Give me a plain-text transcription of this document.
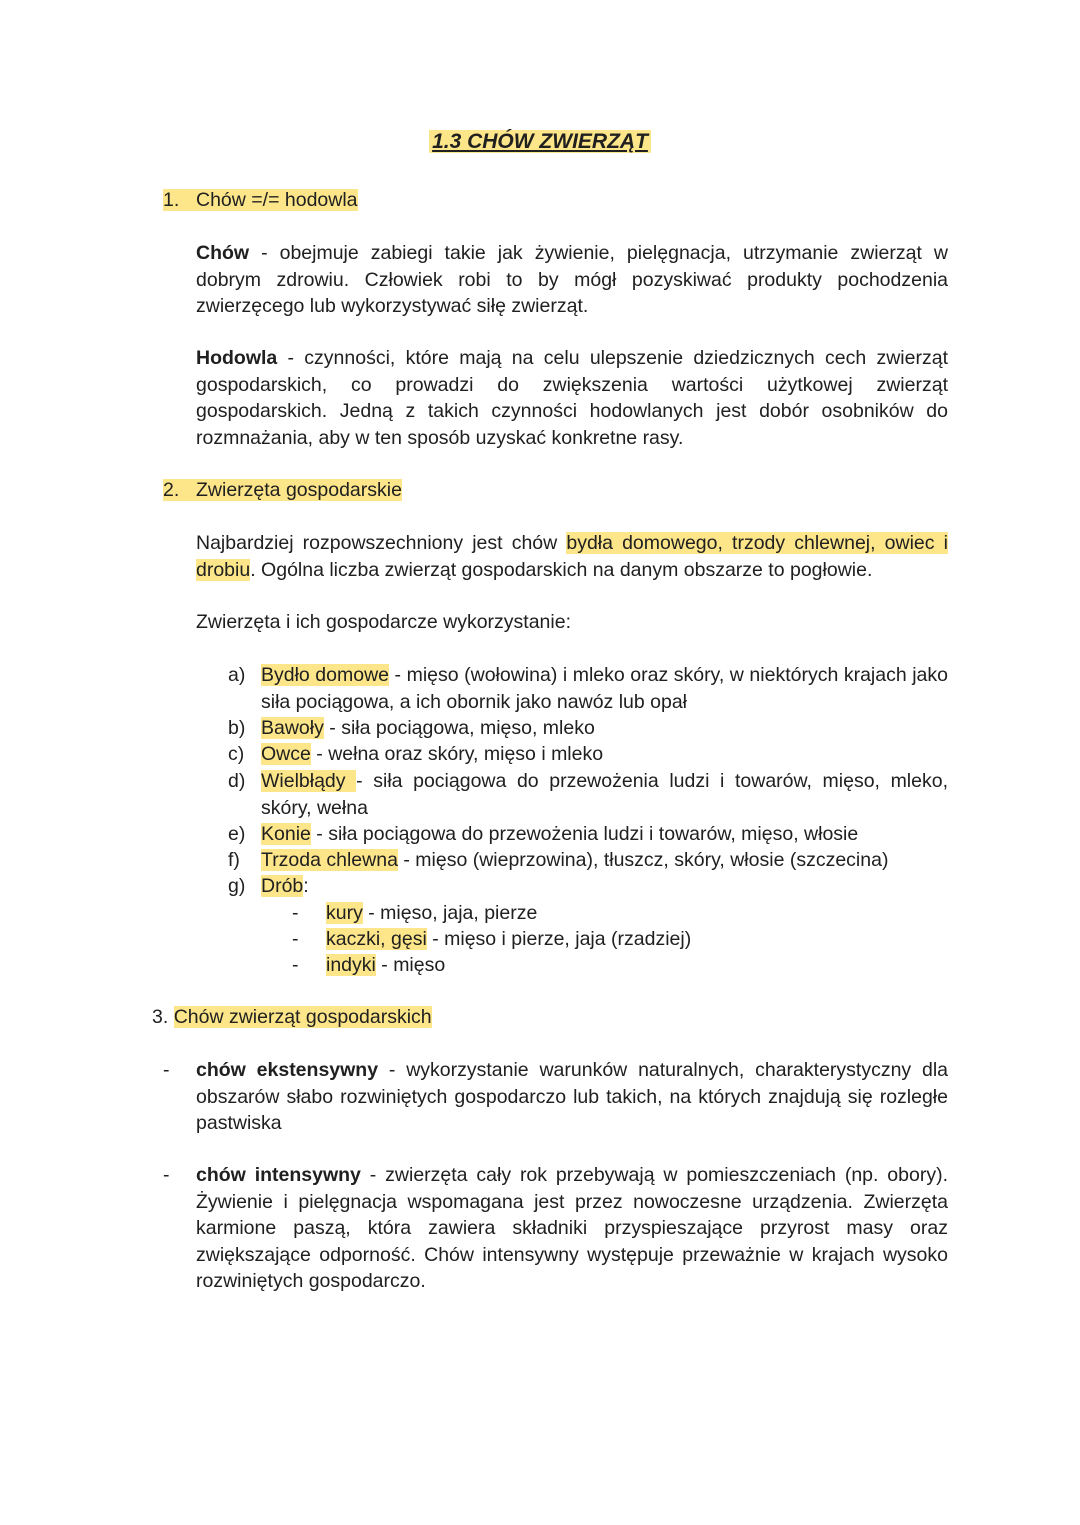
1.3 CHÓW ZWIERZĄT
1. Chów =/= hodowla

Chów - obejmuje zabiegi takie jak żywienie, pielęgnacja, utrzymanie zwierząt w dobrym zdrowiu. Człowiek robi to by mógł pozyskiwać produkty pochodzenia zwierzęcego lub wykorzystywać siłę zwierząt.

Hodowla - czynności, które mają na celu ulepszenie dziedzicznych cech zwierząt gospodarskich, co prowadzi do zwiększenia wartości użytkowej zwierząt gospodarskich. Jedną z takich czynności hodowlanych jest dobór osobników do rozmnażania, aby w ten sposób uzyskać konkretne rasy.

2. Zwierzęta gospodarskie

Najbardziej rozpowszechniony jest chów bydła domowego, trzody chlewnej, owiec i drobiu. Ogólna liczba zwierząt gospodarskich na danym obszarze to pogłowie.

Zwierzęta i ich gospodarcze wykorzystanie:
a) Bydło domowe - mięso (wołowina) i mleko oraz skóry, w niektórych krajach jako siła pociągowa, a ich obornik jako nawóz lub opał
b) Bawoły - siła pociągowa, mięso, mleko
c) Owce - wełna oraz skóry, mięso i mleko
d) Wielbłądy - siła pociągowa do przewożenia ludzi i towarów, mięso, mleko, skóry, wełna
e) Konie - siła pociągowa do przewożenia ludzi i towarów, mięso, włosie
f) Trzoda chlewna - mięso (wieprzowina), tłuszcz, skóry, włosie (szczecina)
g) Drób:
- kury - mięso, jaja, pierze
- kaczki, gęsi - mięso i pierze, jaja (rzadziej)
- indyki - mięso
3. Chów zwierząt gospodarskich
- chów ekstensywny - wykorzystanie warunków naturalnych, charakterystyczny dla obszarów słabo rozwiniętych gospodarczo lub takich, na których znajdują się rozległe pastwiska

- chów intensywny - zwierzęta cały rok przebywają w pomieszczeniach (np. obory). Żywienie i pielęgnacja wspomagana jest przez nowoczesne urządzenia. Zwierzęta karmione paszą, która zawiera składniki przyspieszające przyrost masy oraz zwiększające odporność. Chów intensywny występuje przeważnie w krajach wysoko rozwiniętych gospodarczo.
